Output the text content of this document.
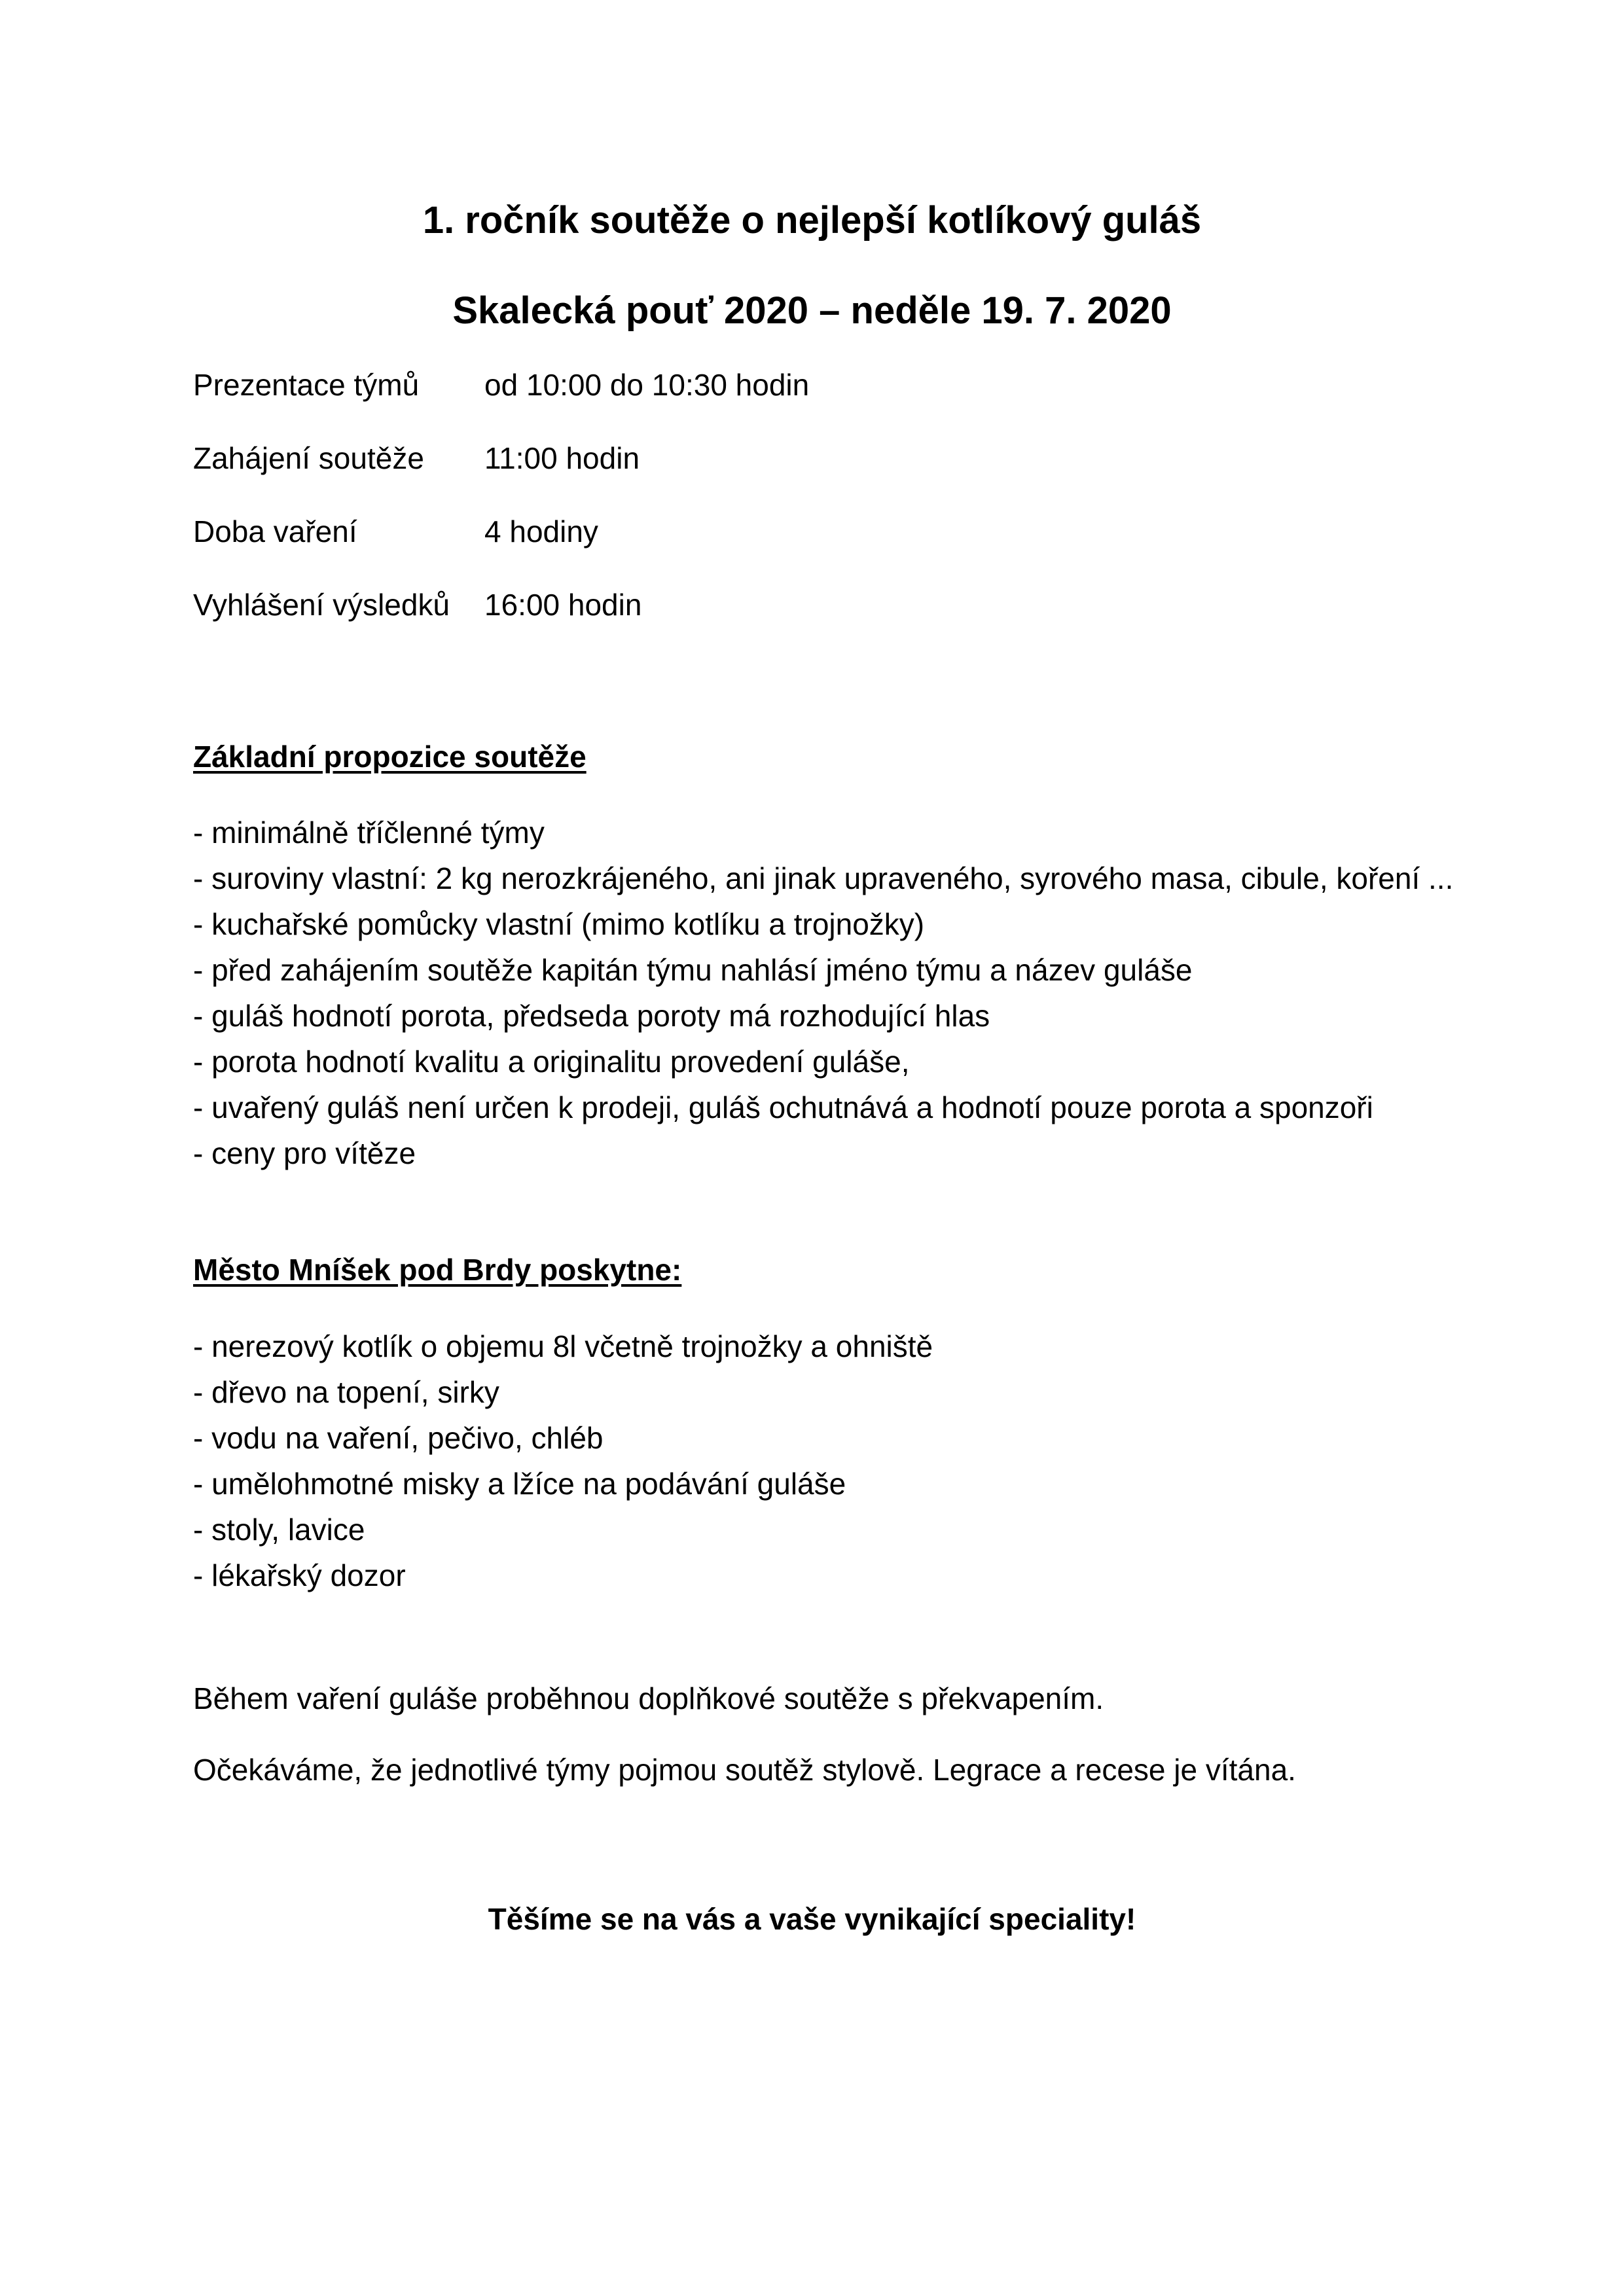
1. ročník soutěže o nejlepší kotlíkový guláš
Skalecká pouť 2020 – neděle 19. 7. 2020
Prezentace týmů od 10:00 do 10:30 hodin
Zahájení soutěže 11:00 hodin
Doba vaření	4 hodiny
Vyhlášení výsledků 16:00 hodin
Základní propozice soutěže
- minimálně tříčlenné týmy
- suroviny vlastní: 2 kg nerozkrájeného, ani jinak upraveného, syrového masa, cibule, koření ...
- kuchařské pomůcky vlastní (mimo kotlíku a trojnožky)
- před zahájením soutěže kapitán týmu nahlásí jméno týmu a název guláše
- guláš hodnotí porota, předseda poroty má rozhodující hlas
- porota hodnotí kvalitu a originalitu provedení guláše,
- uvařený guláš není určen k prodeji, guláš ochutnává a hodnotí pouze porota a sponzoři
- ceny pro vítěze
Město Mníšek pod Brdy poskytne:
- nerezový kotlík o objemu 8l včetně trojnožky a ohniště
- dřevo na topení, sirky
- vodu na vaření, pečivo, chléb
- umělohmotné misky a lžíce na podávání guláše
- stoly, lavice
- lékařský dozor
Během vaření guláše proběhnou doplňkové soutěže s překvapením.
Očekáváme, že jednotlivé týmy pojmou soutěž stylově. Legrace a recese je vítána.
Těšíme se na vás a vaše vynikající speciality!
